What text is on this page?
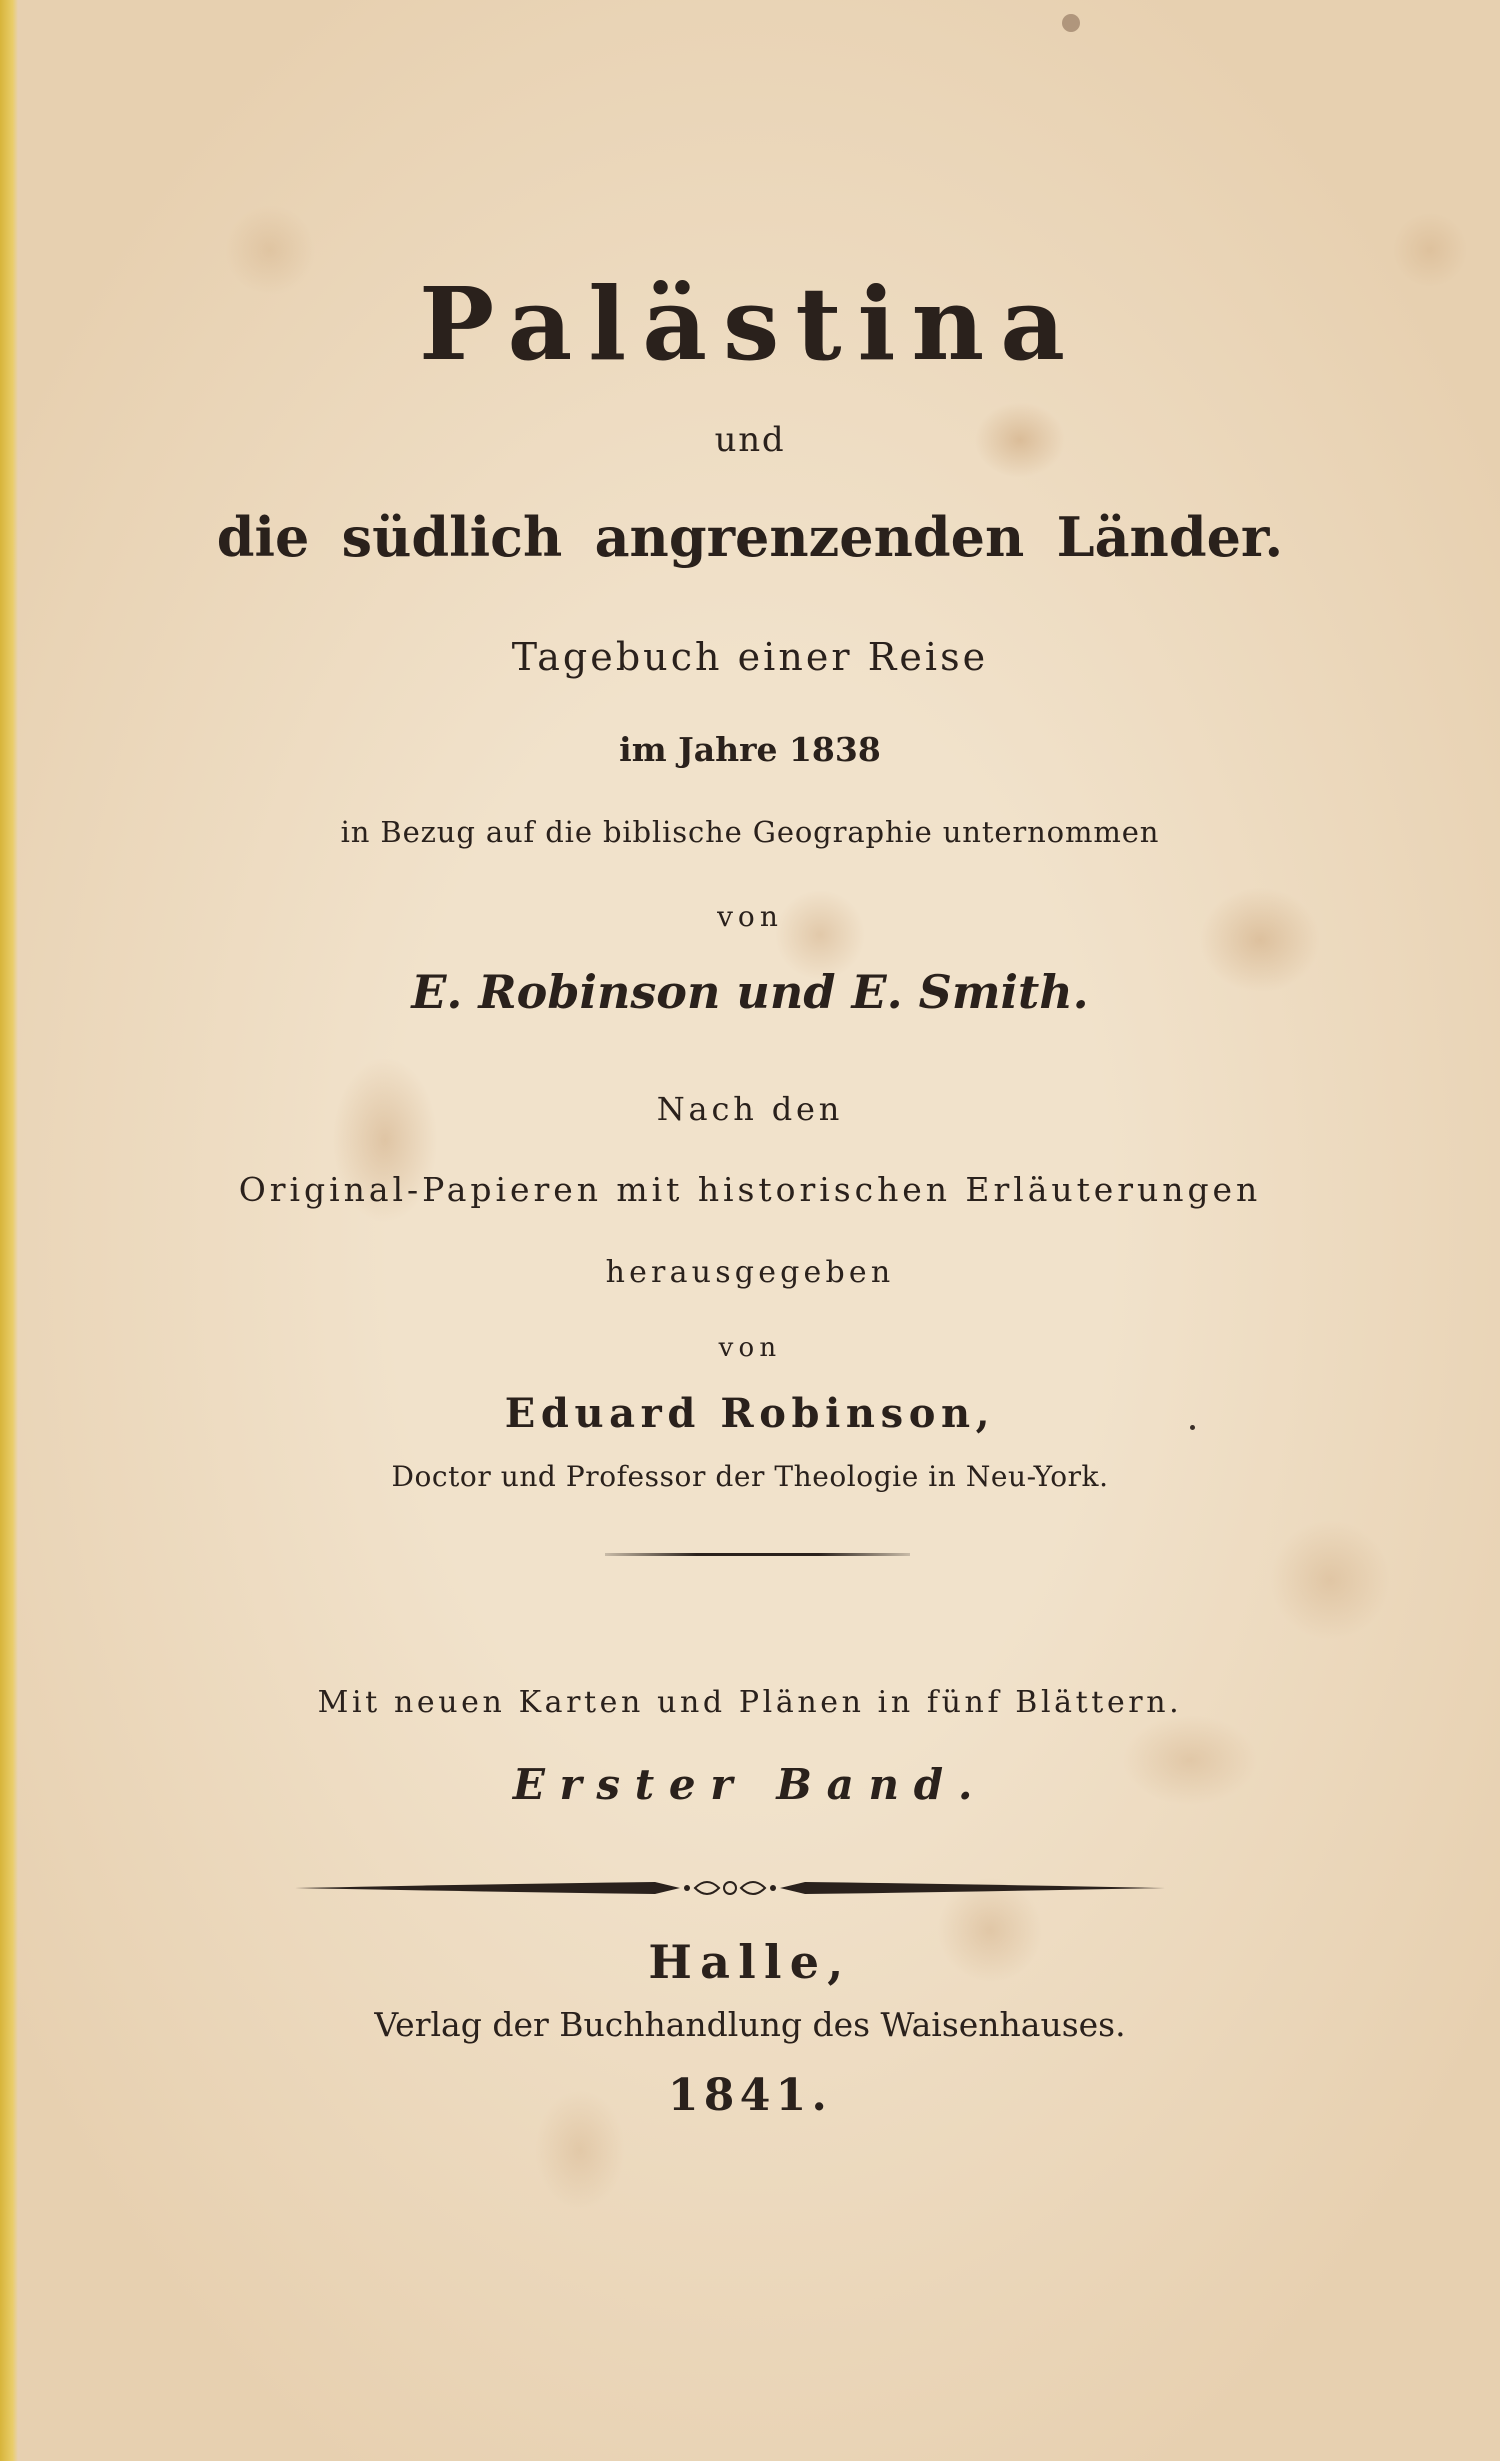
Palästina

und

die südlich angrenzenden Länder.

Tagebuch einer Reise

im Jahre 1838

in Bezug auf die biblische Geographie unternommen

von

E. Robinson und E. Smith.

Nach den

Original-Papieren mit historischen Erläuterungen

herausgegeben

von

Eduard Robinson,

Doctor und Professor der Theologie in Neu-York.

Mit neuen Karten und Plänen in fünf Blättern.

Erster Band.

Halle,

Verlag der Buchhandlung des Waisenhauses.

1841.
